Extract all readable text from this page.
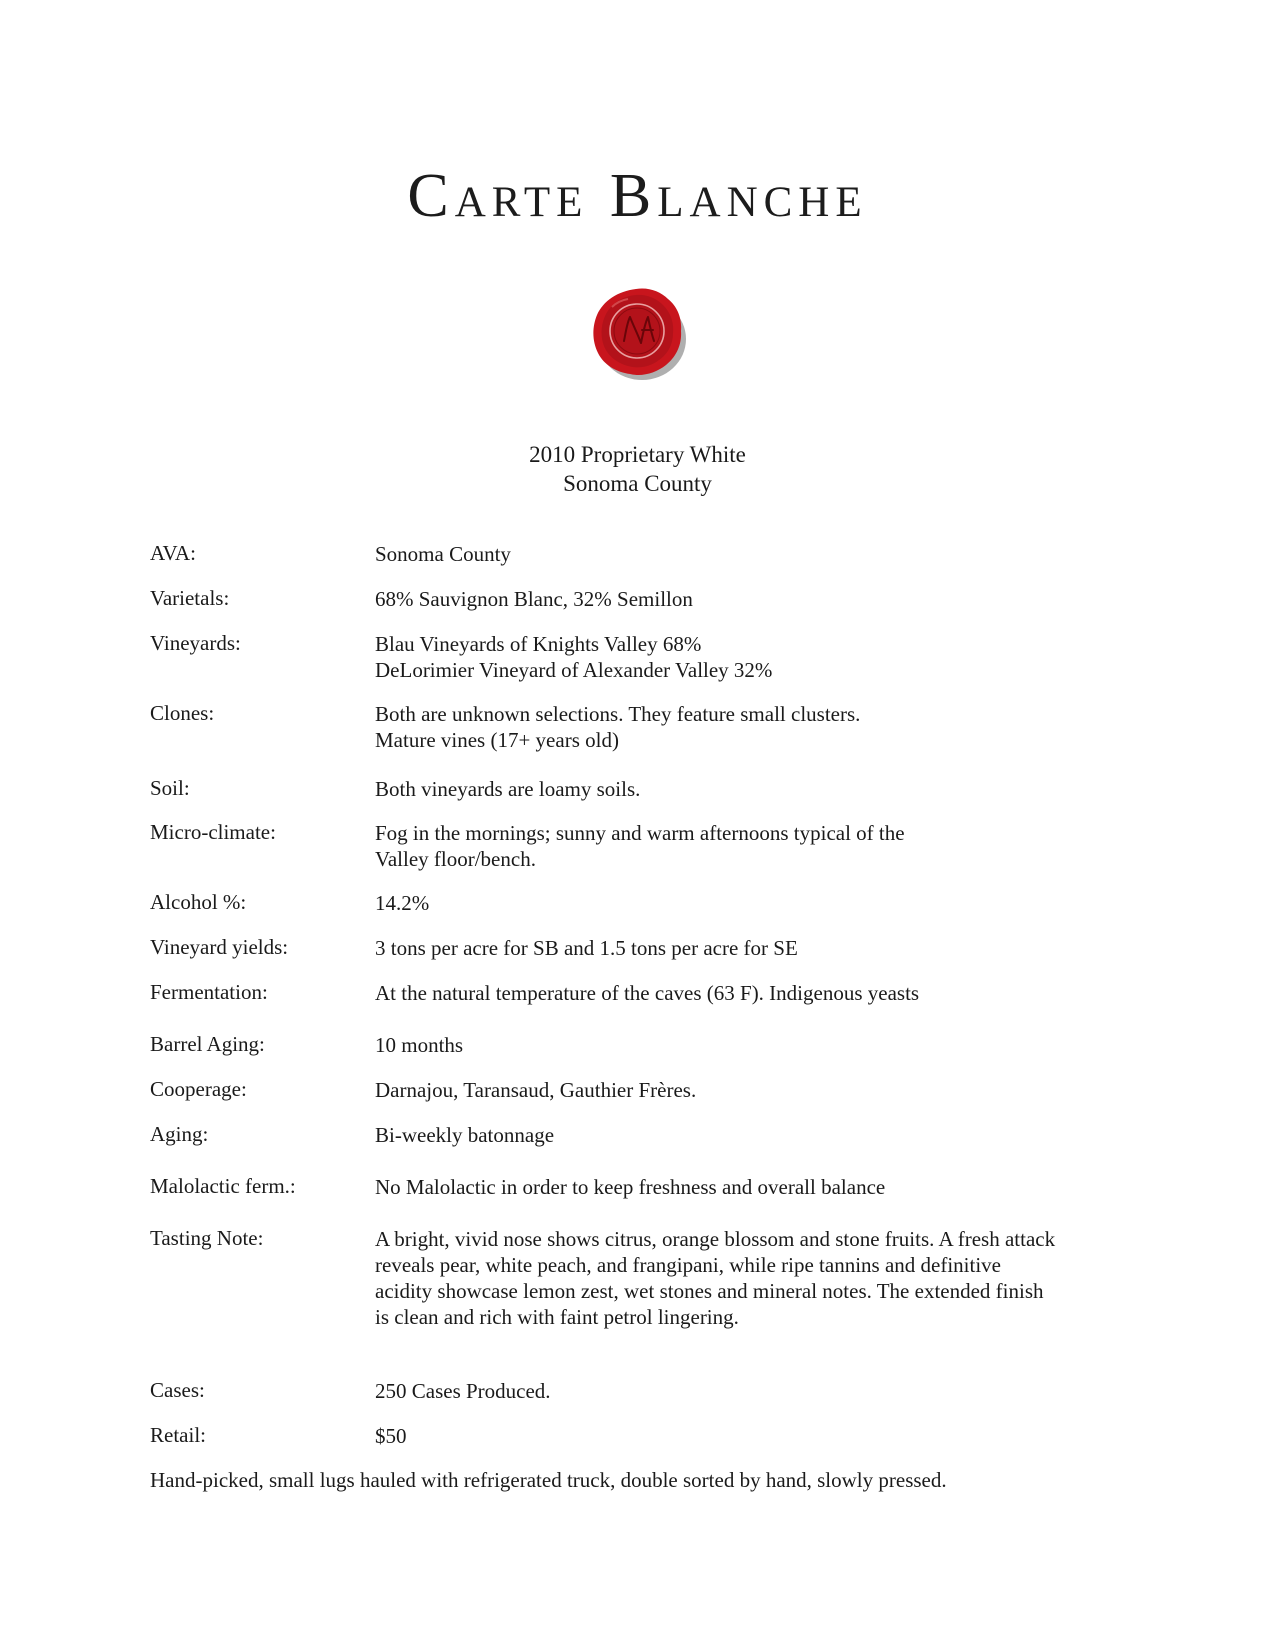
Carte Blanche
2010 Proprietary White
Sonoma County
AVA:	Sonoma County
Varietals:	68% Sauvignon Blanc, 32% Semillon
Vineyards:	Blau Vineyards of Knights Valley 68%
DeLorimier Vineyard of Alexander Valley 32%
Clones:	Both are unknown selections. They feature small clusters.
Mature vines (17+ years old)
Soil:	Both vineyards are loamy soils.
Micro-climate:	Fog in the mornings; sunny and warm afternoons typical of the
Valley floor/bench.
Alcohol %:	14.2%
Vineyard yields:	3 tons per acre for SB and 1.5 tons per acre for SE
Fermentation:	At the natural temperature of the caves (63 F). Indigenous yeasts
Barrel Aging:	10 months
Cooperage:	Darnajou, Taransaud, Gauthier Frères.
Aging:	Bi-weekly batonnage
Malolactic ferm.:	No Malolactic in order to keep freshness and overall balance
Tasting Note:	A bright, vivid nose shows citrus, orange blossom and stone fruits. A fresh attack
reveals pear, white peach, and frangipani, while ripe tannins and definitive
acidity showcase lemon zest, wet stones and mineral notes. The extended finish
is clean and rich with faint petrol lingering.
Cases:	250 Cases Produced.
Retail:	$50
Hand-picked, small lugs hauled with refrigerated truck, double sorted by hand, slowly pressed.
